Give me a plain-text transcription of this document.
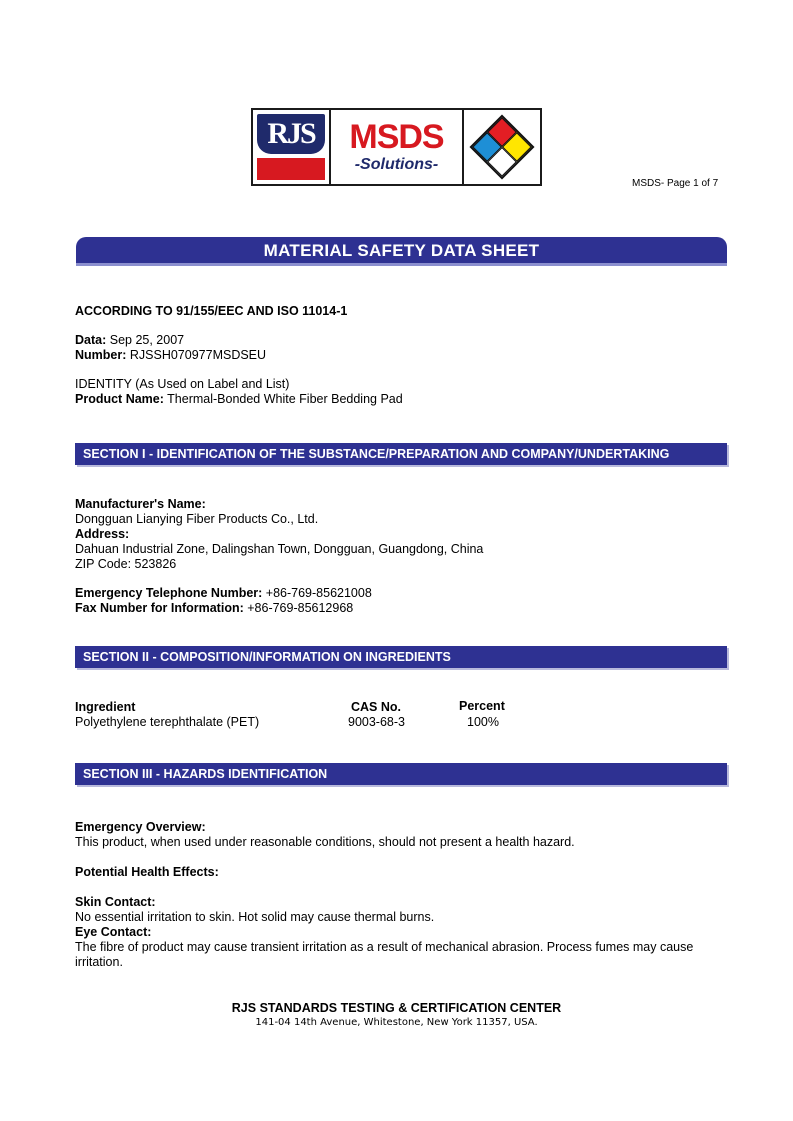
RJS	MSDS
-Solutions-
MSDS- Page 1 of 7
MATERIAL SAFETY DATA SHEET
ACCORDING TO 91/155/EEC AND ISO 11014-1
Data: Sep 25, 2007
Number: RJSSH070977MSDSEU
IDENTITY (As Used on Label and List)
Product Name: Thermal-Bonded White Fiber Bedding Pad
SECTION I - IDENTIFICATION OF THE SUBSTANCE/PREPARATION AND COMPANY/UNDERTAKING
Manufacturer's Name:
Dongguan Lianying Fiber Products Co., Ltd.
Address:
Dahuan Industrial Zone, Dalingshan Town, Dongguan, Guangdong, China
ZIP Code: 523826
Emergency Telephone Number: +86-769-85621008
Fax Number for Information: +86-769-85612968
SECTION II - COMPOSITION/INFORMATION ON INGREDIENTS
Ingredient	CAS No.	Percent
Polyethylene terephthalate (PET)	9003-68-3	100%
SECTION III - HAZARDS IDENTIFICATION
Emergency Overview:
This product, when used under reasonable conditions, should not present a health hazard.
Potential Health Effects:
Skin Contact:
No essential irritation to skin. Hot solid may cause thermal burns.
Eye Contact:
The fibre of product may cause transient irritation as a result of mechanical abrasion. Process fumes may cause
irritation.
RJS STANDARDS TESTING & CERTIFICATION CENTER
141-04 14th Avenue, Whitestone, New York 11357, USA.
